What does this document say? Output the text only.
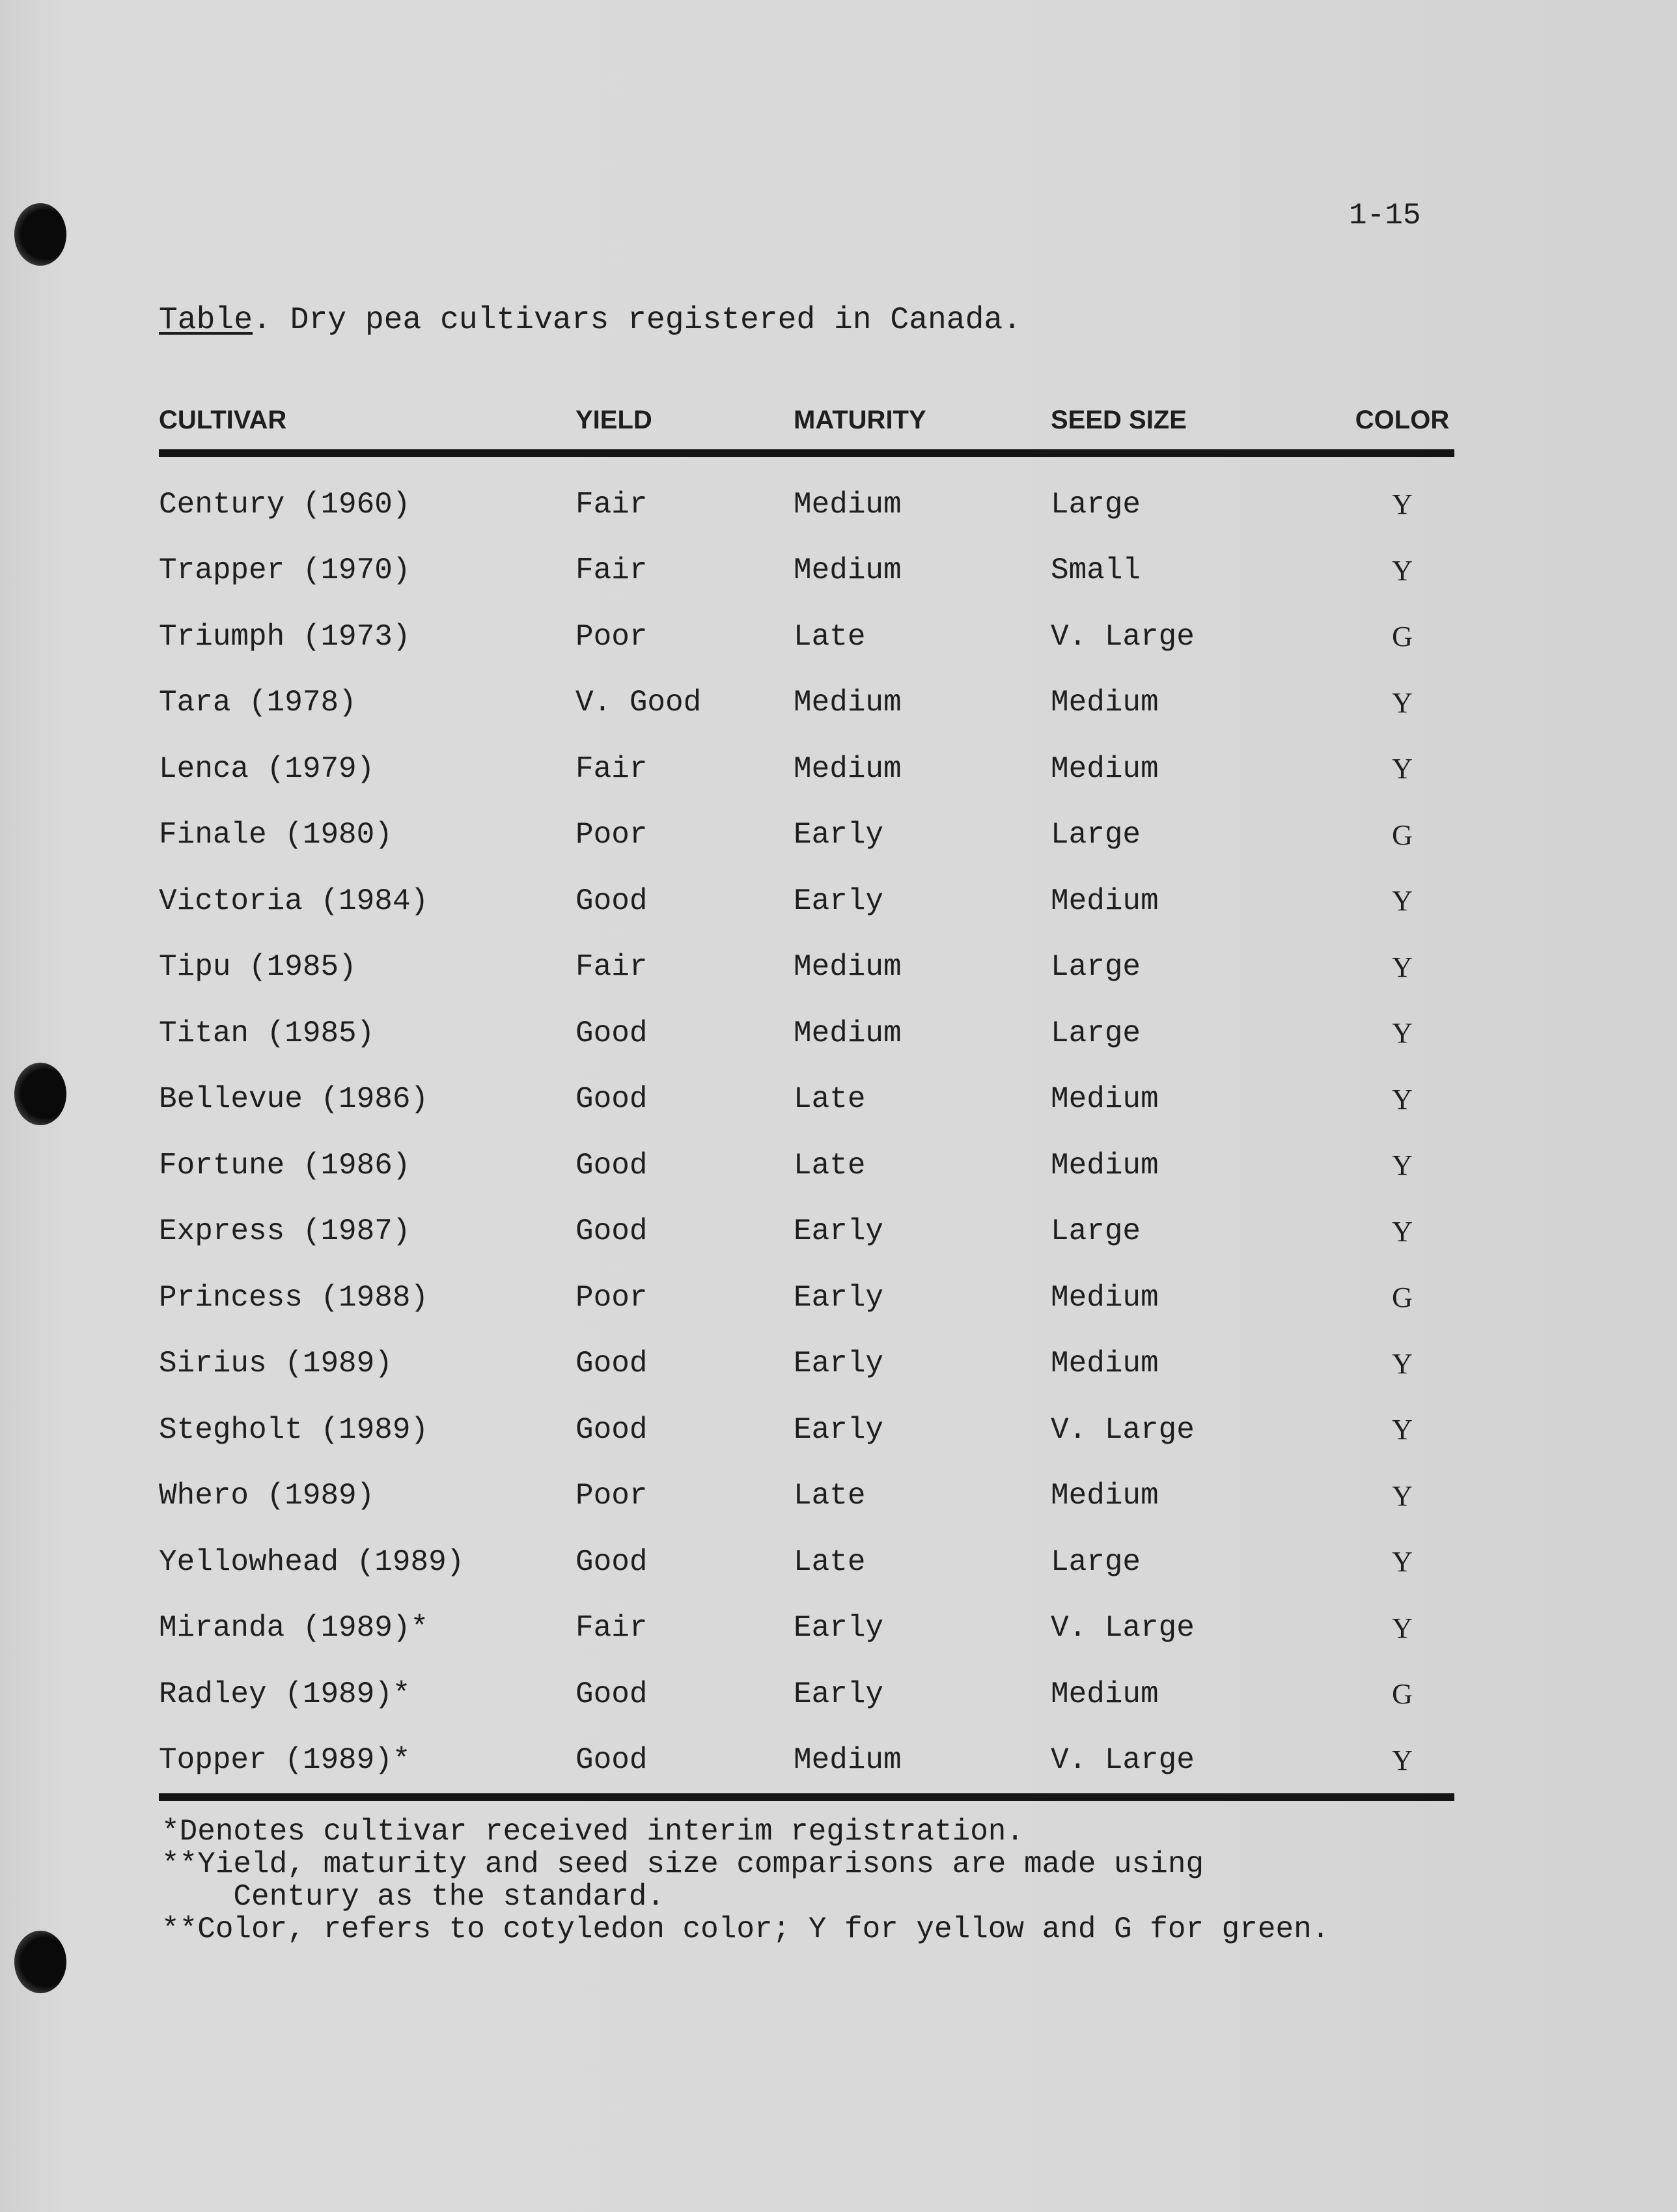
1-15
Table. Dry pea cultivars registered in Canada.
CULTIVAR	YIELD	MATURITY	SEED SIZE	COLOR
Century (1960)	Fair	Medium	Large	Y
Trapper (1970)	Fair	Medium	Small	Y
Triumph (1973)	Poor	Late	V. Large	G
Tara (1978)	V. Good	Medium	Medium	Y
Lenca (1979)	Fair	Medium	Medium	Y
Finale (1980)	Poor	Early	Large	G
Victoria (1984)	Good	Early	Medium	Y
Tipu (1985)	Fair	Medium	Large	Y
Titan (1985)	Good	Medium	Large	Y
Bellevue (1986)	Good	Late	Medium	Y
Fortune (1986)	Good	Late	Medium	Y
Express (1987)	Good	Early	Large	Y
Princess (1988)	Poor	Early	Medium	G
Sirius (1989)	Good	Early	Medium	Y
Stegholt (1989)	Good	Early	V. Large	Y
Whero (1989)	Poor	Late	Medium	Y
Yellowhead (1989)	Good	Late	Large	Y
Miranda (1989)*	Fair	Early	V. Large	Y
Radley (1989)*	Good	Early	Medium	G
Topper (1989)*	Good	Medium	V. Large	Y
*Denotes cultivar received interim registration.
**Yield, maturity and seed size comparisons are made using
Century as the standard.
**Color, refers to cotyledon color; Y for yellow and G for green.
